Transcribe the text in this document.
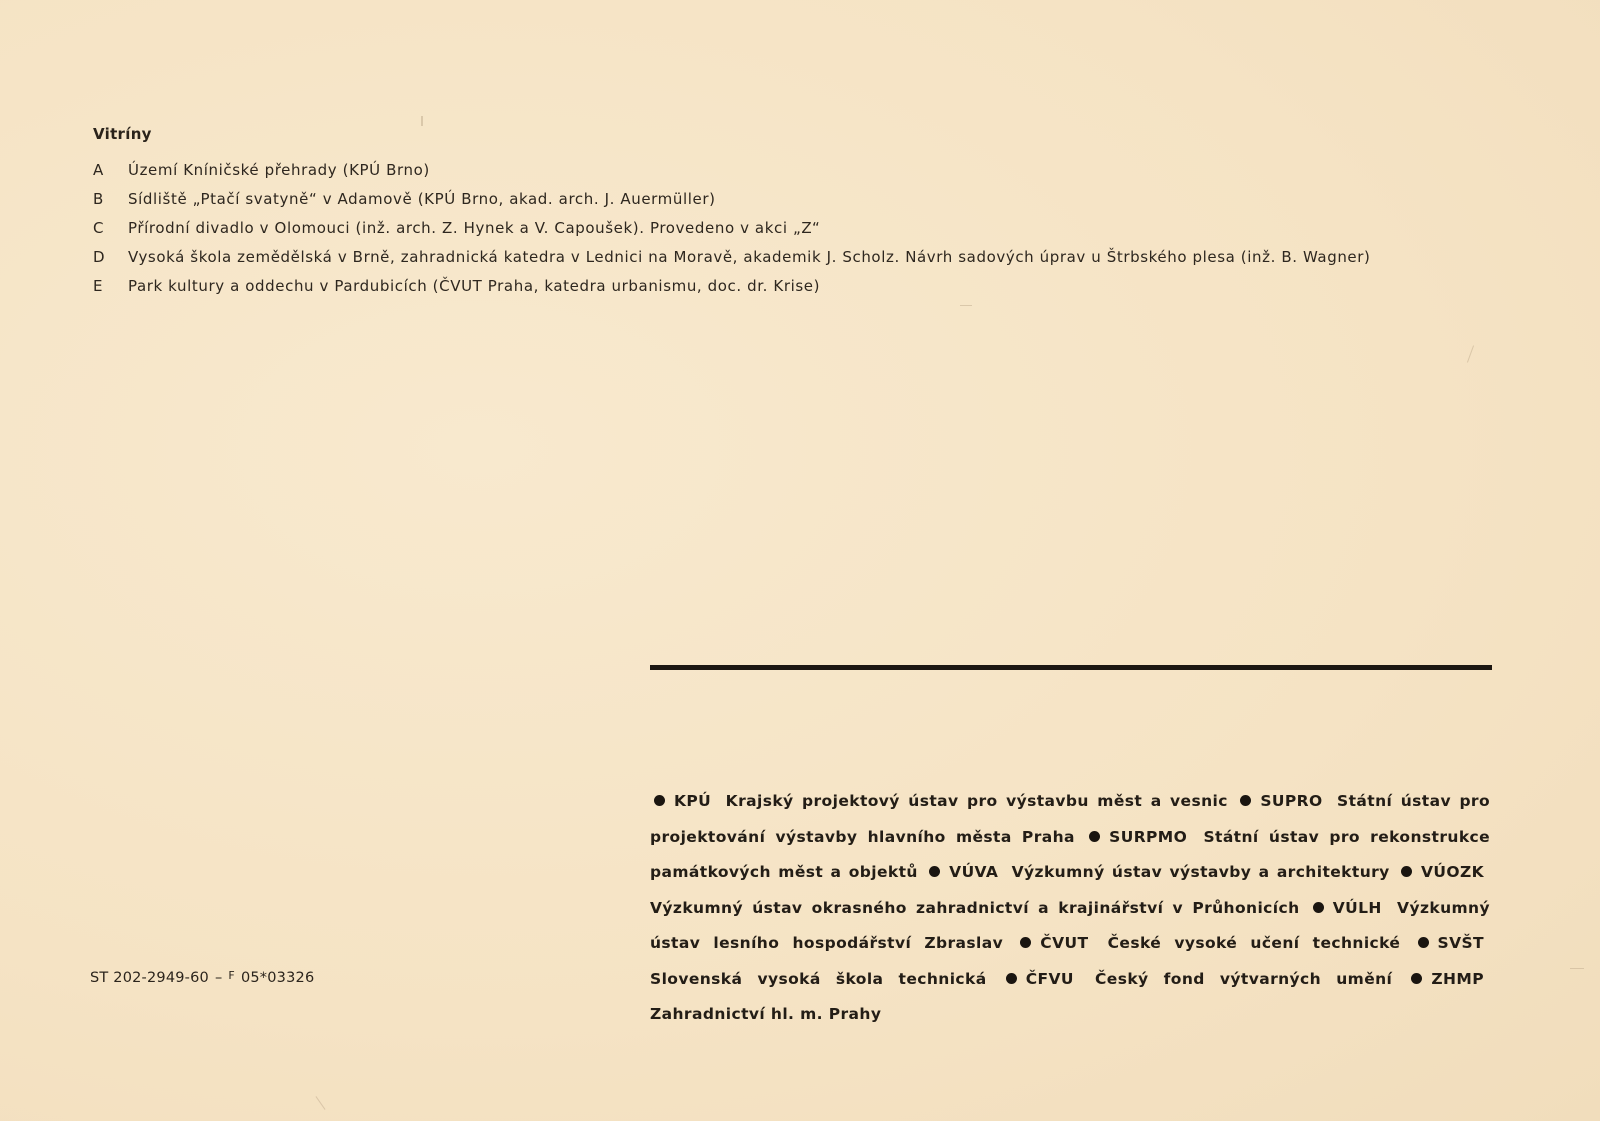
Vitríny
A	Území Kníničské přehrady (KPÚ Brno)
B	Sídliště „Ptačí svatyně“ v Adamově (KPÚ Brno, akad. arch. J. Auermüller)
C	Přírodní divadlo v Olomouci (inž. arch. Z. Hynek a V. Capoušek). Provedeno v akci „Z“
D	Vysoká škola zemědělská v Brně, zahradnická katedra v Lednici na Moravě, akademik J. Scholz. Návrh sadových úprav u Štrbského plesa (inž. B. Wagner)
E	Park kultury a oddechu v Pardubicích (ČVUT Praha, katedra urbanismu, doc. dr. Krise)
KPÚ Krajský projektový ústav pro výstavbu měst a vesnic SUPRO Státní ústav pro projektování výstavby hlavního města Praha SURPMO Státní ústav pro rekonstrukce památkových měst a objektů VÚVA Výzkumný ústav výstavby a architektury VÚOZK Výzkumný ústav okrasného zahradnictví a krajinářství v Průhonicích VÚLH Výzkumný ústav lesního hospodářství Zbraslav ČVUT České vysoké učení technické SVŠT Slovenská vysoká škola technická	ČFVU Český fond výtvarných umění	ZHMP Zahradnictví hl. m. Prahy
ST 202-2949-60 – $^F$ 05*03326
